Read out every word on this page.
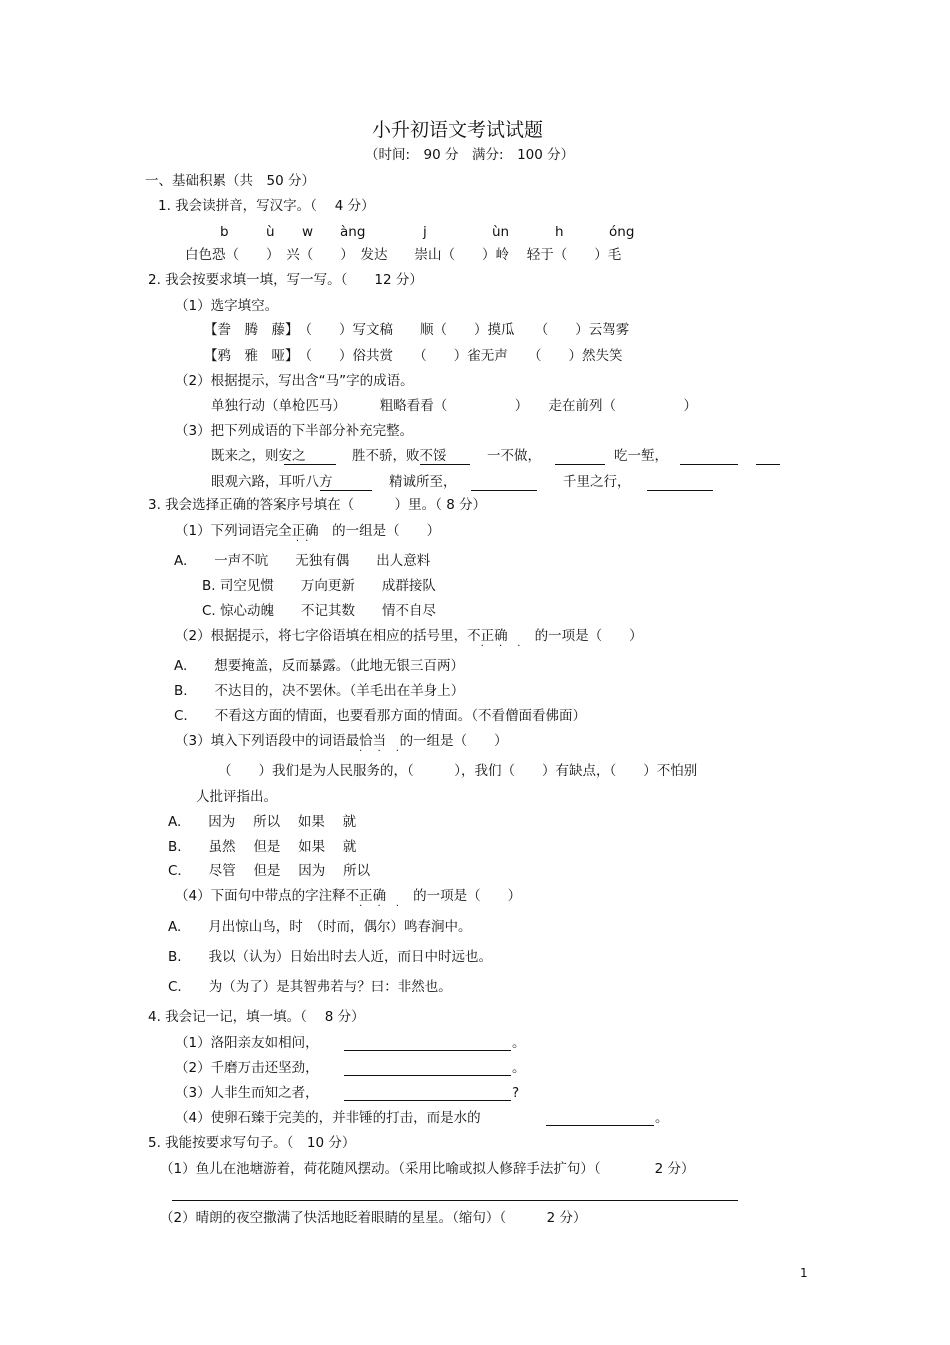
小升初语文考试试题
（时间:　90 分　满分:　100 分）
一、基础积累（共　50 分）
1. 我会读拼音，写汉字。（　 4 分）
b	ù w àng	j	ùn	h	óng
白色恐（　　）　兴（　　）　发达　　崇山（　　）岭　 轻于（　　）毛
2. 我会按要求填一填，写一写。（　　12 分）
（1）选字填空。
【誊　腾　藤】　（　　）写文稿　　顺（　　）摸瓜　　（　　）云驾雾
【鸦　雅　哑】　（　　）俗共赏　　（　　）雀无声　　（　　）然失笑
（2）根据提示，写出含“马”字的成语。
单独行动（单枪匹马）　　　粗略看看（　　　　　）　　走在前列（　　　　　）
（3）把下列成语的下半部分补充完整。
既来之，则安之	胜不骄，败不馁	一不做，	吃一堑，
眼观六路，耳听八方	精诚所至，	千里之行，
3. 我会选择正确的答案序号填在（　　　）里。（ 8 分）
（1）下列词语完全正确
··
　的一组是（　　）
A.　　一声不吭　　无独有偶　　出人意料
B. 司空见惯　　万向更新　　成群接队
C. 惊心动魄　　不记其数　　情不自尽
（2）根据提示，将七字俗语填在相应的括号里，不正确
· · ·
　　的一项是（　　）
A.　　想要掩盖，反而暴露。（此地无银三百两）
B.　　不达目的，决不罢休。（羊毛出在羊身上）
C.　　不看这方面的情面，也要看那方面的情面。（不看僧面看佛面）
（3）填入下列语段中的词语最恰当
· · ·
　的一组是（　　）
（　　）我们是为人民服务的，（　　　），我们（　　）有缺点，（　　）不怕别
人批评指出。
A.　　因为　 所以　 如果　 就
B.　　虽然　 但是　 如果　 就
C.　　尽管　 但是　 因为　 所以
（4）下面句中带点的字注释不正确
· · ·
　　的一项是（　　）
A.　　月出惊山鸟，时　（时而，偶尔）鸣春涧中。
B.　　我以（认为）日始出时去人近，而日中时远也。
C.　　为（为了）是其智弗若与？曰：非然也。
4. 我会记一记，填一填。（　 8 分）
（1）洛阳亲友如相问，	。
（2）千磨万击还坚劲，	。
（3）人非生而知之者，	?
（4）使卵石臻于完美的，并非锤的打击，而是水的	。
5. 我能按要求写句子。（　10 分）
（1）鱼儿在池塘游着，荷花随风摆动。（采用比喻或拟人修辞手法扩句）（　　　　2 分）
（2）晴朗的夜空撒满了快活地眨着眼睛的星星。（缩句）（　　　2 分）
1
